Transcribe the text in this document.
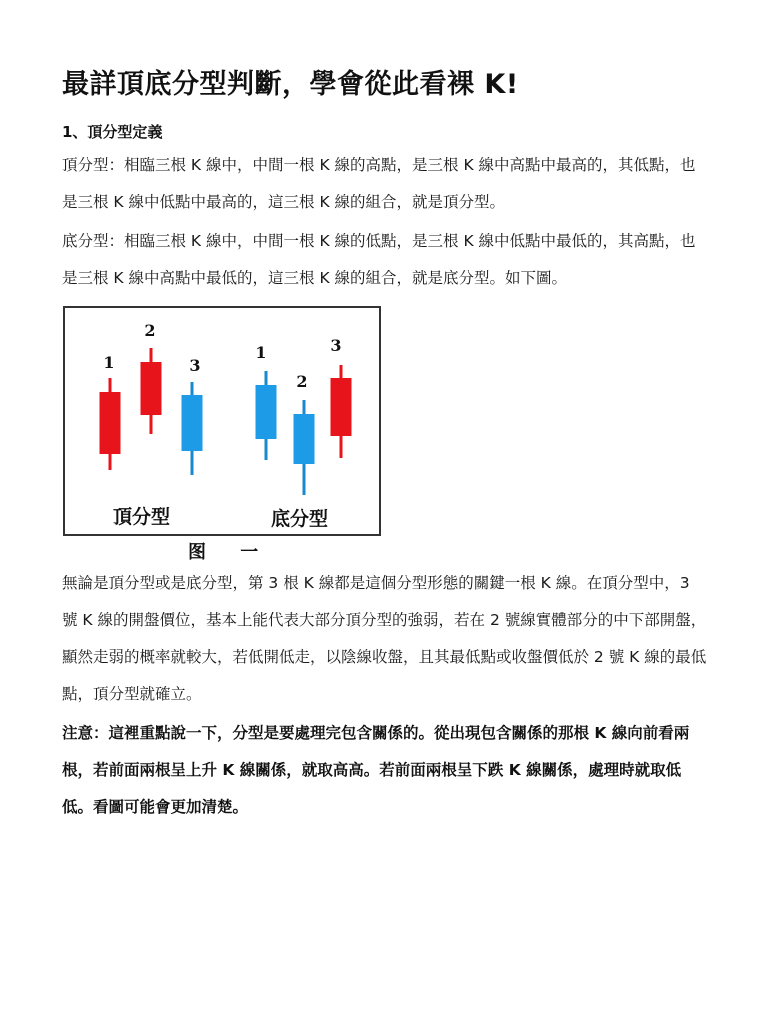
最詳頂底分型判斷，學會從此看裸 K!
1、頂分型定義

頂分型：相臨三根 K 線中，中間一根 K 線的高點，是三根 K 線中高點中最高的，其低點，也是三根 K 線中低點中最高的，這三根 K 線的組合，就是頂分型。

底分型：相臨三根 K 線中，中間一根 K 線的低點，是三根 K 線中低點中最低的，其高點，也是三根 K 線中高點中最低的，這三根 K 線的組合，就是底分型。如下圖。

1
2
3
1
2
3
頂分型	底分型
图 一

無論是頂分型或是底分型，第 3 根 K 線都是這個分型形態的關鍵一根 K 線。在頂分型中，3 號 K 線的開盤價位，基本上能代表大部分頂分型的強弱，若在 2 號線實體部分的中下部開盤，顯然走弱的概率就較大，若低開低走，以陰線收盤，且其最低點或收盤價低於 2 號 K 線的最低點，頂分型就確立。

注意：這裡重點說一下，分型是要處理完包含關係的。從出現包含關係的那根 K 線向前看兩根，若前面兩根呈上升 K 線關係，就取高高。若前面兩根呈下跌 K 線關係，處理時就取低低。看圖可能會更加清楚。
